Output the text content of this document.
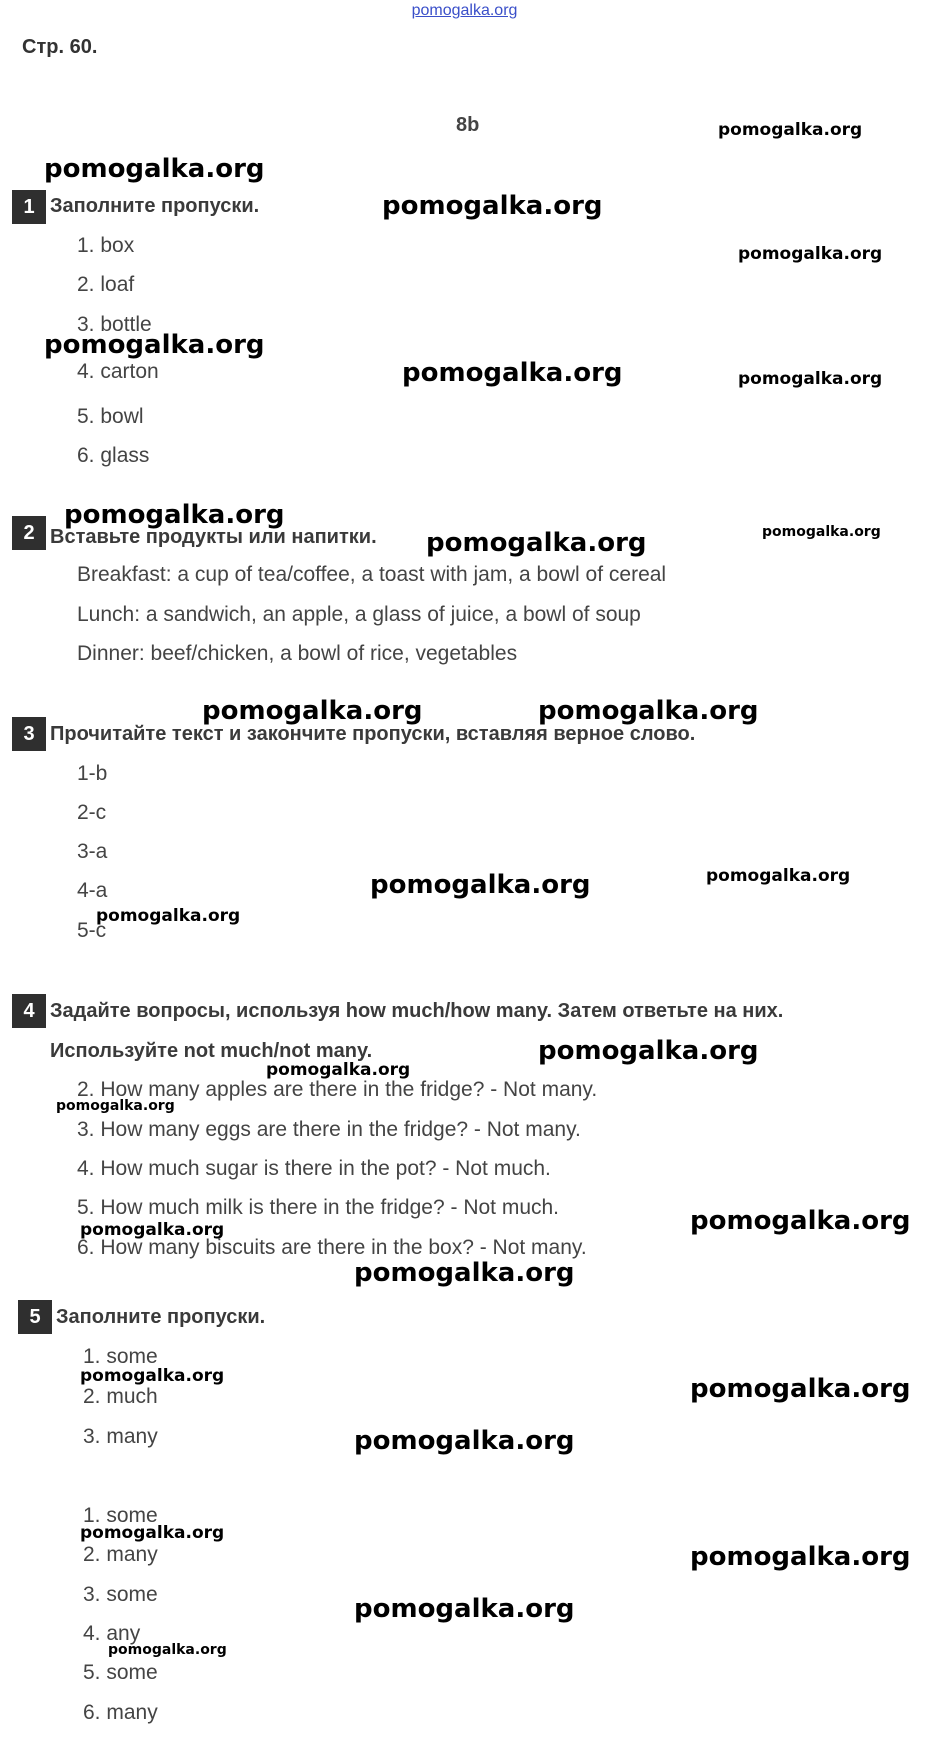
pomogalka.org
Стр. 60.
8b
1 Заполните пропуски.
1. box
2. loaf
3. bottle
4. carton
5. bowl
6. glass
2 Вставьте продукты или напитки.
Breakfast: a cup of tea/coffee, a toast with jam, a bowl of cereal
Lunch: a sandwich, an apple, a glass of juice, a bowl of soup
Dinner: beef/chicken, a bowl of rice, vegetables
3 Прочитайте текст и закончите пропуски, вставляя верное слово.
1-b
2-c
3-a
4-a
5-c
4 Задайте вопросы, используя how much/how many. Затем ответьте на них.
Используйте not much/not many.
2. How many apples are there in the fridge? - Not many.
3. How many eggs are there in the fridge? - Not many.
4. How much sugar is there in the pot? - Not much.
5. How much milk is there in the fridge? - Not much.
6. How many biscuits are there in the box? - Not many.
5 Заполните пропуски.
1. some
2. much
3. many
1. some
2. many
3. some
4. any
5. some
6. many
pomogalka.org
pomogalka.org
pomogalka.org
pomogalka.org
pomogalka.org
pomogalka.org	pomogalka.org
pomogalka.org
pomogalka.org	pomogalka.org
pomogalka.org	pomogalka.org
pomogalka.org	pomogalka.org
pomogalka.org
pomogalka.org
pomogalka.org
pomogalka.org
pomogalka.org
pomogalka.org
pomogalka.org
pomogalka.org	pomogalka.org
pomogalka.org
pomogalka.org
pomogalka.org
pomogalka.org
pomogalka.org
